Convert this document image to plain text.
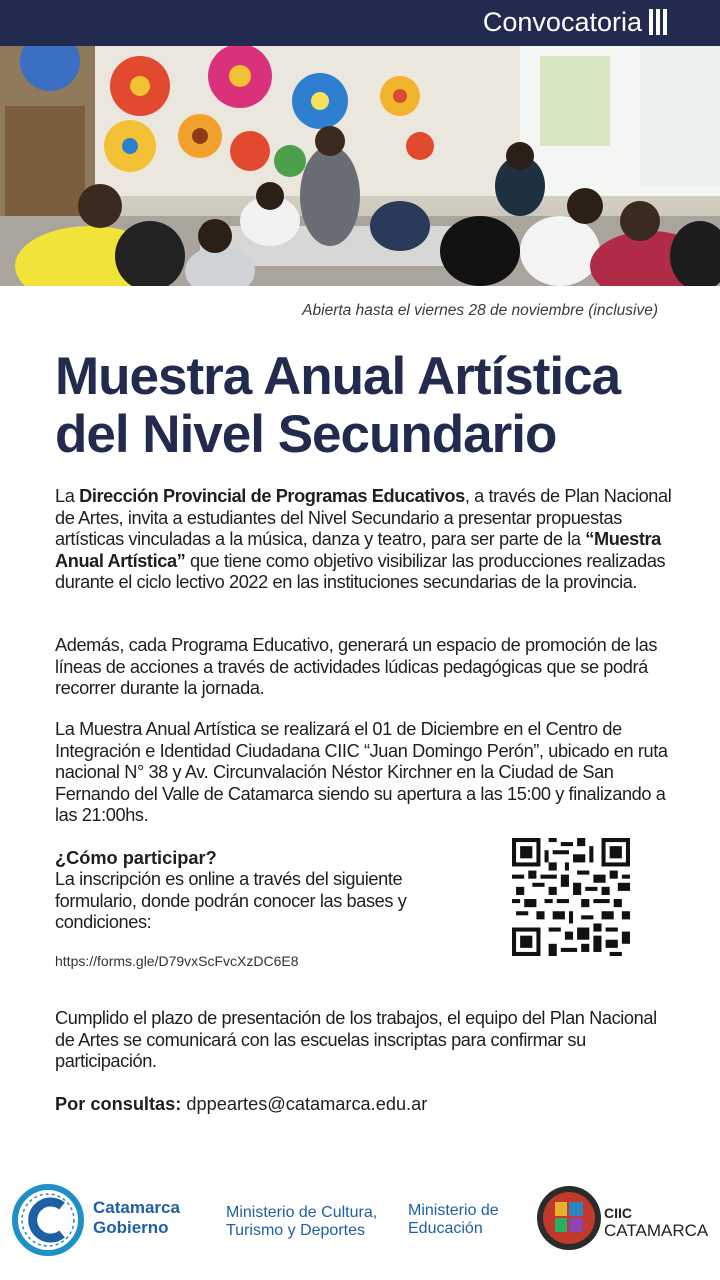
Convocatoria
Abierta hasta el viernes 28 de noviembre (inclusive)
Muestra Anual Artística
del Nivel Secundario

La Dirección Provincial de Programas Educativos, a través de Plan Nacional de Artes, invita a estudiantes del Nivel Secundario a presentar propuestas artísticas vinculadas a la música, danza y teatro, para ser parte de la “Muestra Anual Artística” que tiene como objetivo visibilizar las producciones realizadas durante el ciclo lectivo 2022 en las instituciones secundarias de la provincia.

Además, cada Programa Educativo, generará un espacio de promoción de las líneas de acciones a través de actividades lúdicas pedagógicas que se podrá recorrer durante la jornada.

La Muestra Anual Artística se realizará el 01 de Diciembre en el Centro de Integración e Identidad Ciudadana CIIC “Juan Domingo Perón”, ubicado en ruta nacional N° 38 y Av. Circunvalación Néstor Kirchner en la Ciudad de San Fernando del Valle de Catamarca siendo su apertura a las 15:00 y finalizando a las 21:00hs.

¿Cómo participar?

La inscripción es online a través del siguiente formulario, donde podrán conocer las bases y condiciones:

https://forms.gle/D79vxScFvcXzDC6E8

Cumplido el plazo de presentación de los trabajos, el equipo del Plan Nacional de Artes se comunicará con las escuelas inscriptas para confirmar su participación.

Por consultas: dppeartes@catamarca.edu.ar

Catamarca
Gobierno
Ministerio de Cultura,
Turismo y Deportes
Ministerio de
Educación
CIIC
CATAMARCA
